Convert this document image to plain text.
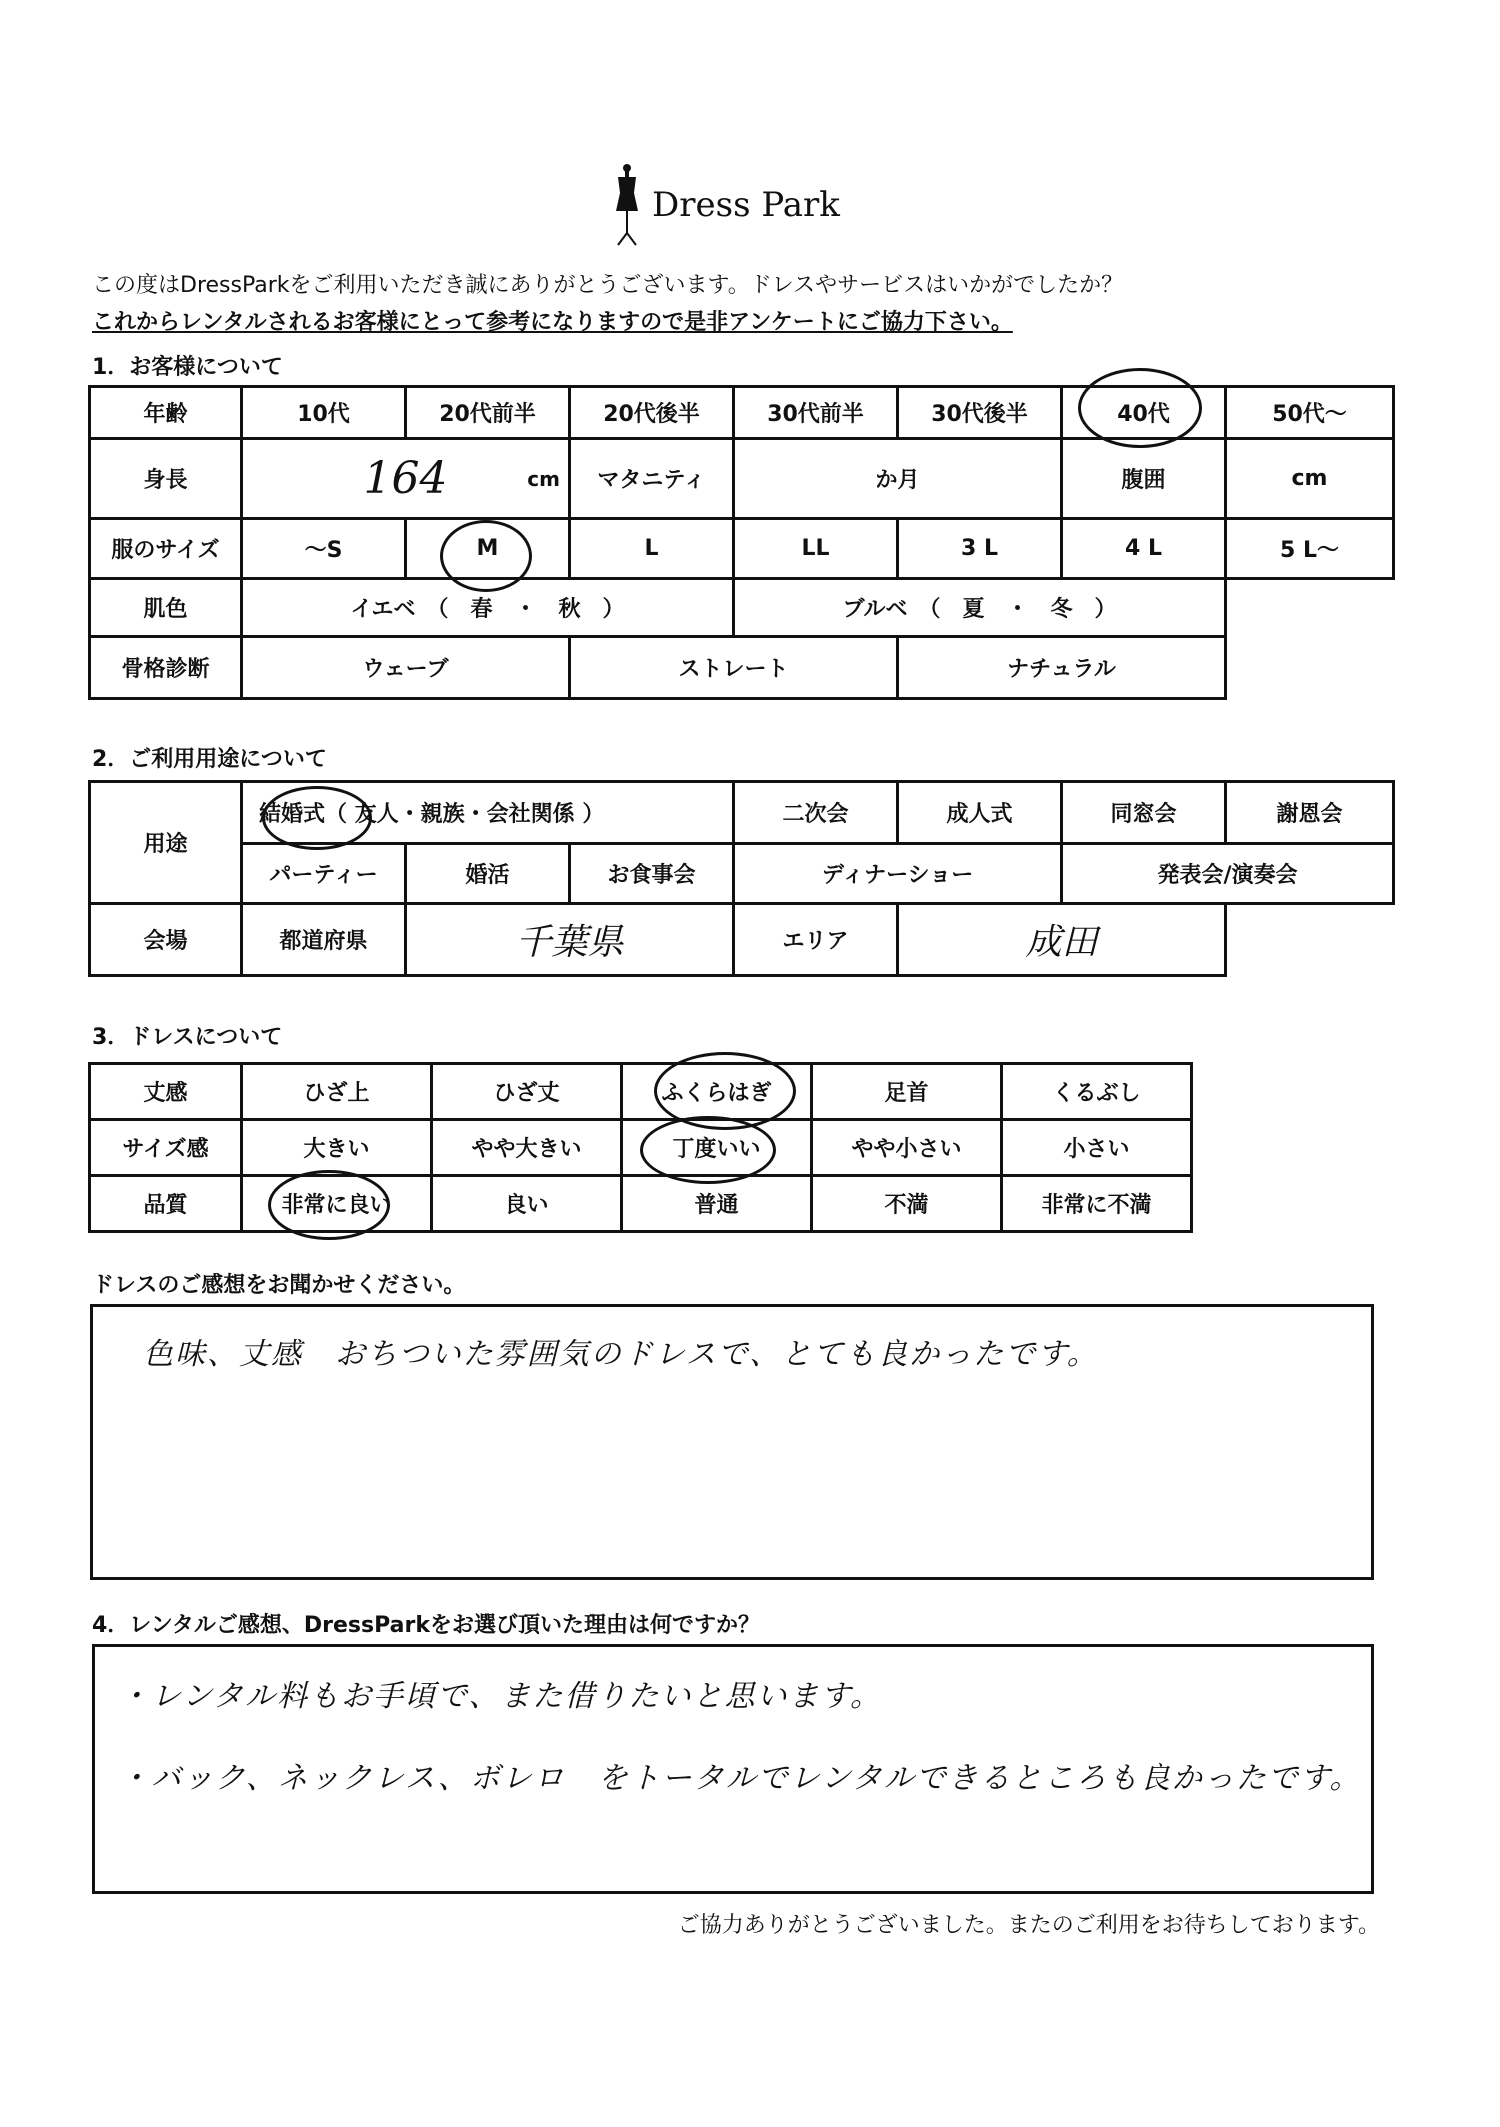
Dress Park
この度はDressParkをご利用いただき誠にありがとうございます。ドレスやサービスはいかがでしたか？
これからレンタルされるお客様にとって参考になりますので是非アンケートにご協力下さい。
1．お客様について
年齢	10代	20代前半	20代後半	30代前半	30代後半	40代	50代～
身長	164 cm		マタニティ	か月		腹囲	cm
服のサイズ	～S	M	L	LL	3 L	4 L	5 L～
肌色	イエベ　（　春　・　秋　）			ブルベ　（　夏　・　冬　）			
骨格診断	ウェーブ		ストレート		ナチュラル		
2．ご利用用途について
用途	結婚式（ 友人・親族・会社関係 ）			二次会	成人式	同窓会	謝恩会
	パーティー	婚活	お食事会	ディナーショー		発表会/演奏会	
会場	都道府県	千葉県		エリア	成田		
3．ドレスについて
丈感	ひざ上	ひざ丈	ふくらはぎ	足首	くるぶし
サイズ感	大きい	やや大きい	丁度いい	やや小さい	小さい
品質	非常に良い	良い	普通	不満	非常に不満
ドレスのご感想をお聞かせください。
色味、丈感　おちついた雰囲気のドレスで、とても良かったです。
4．レンタルご感想、DressParkをお選び頂いた理由は何ですか？
・レンタル料もお手頃で、また借りたいと思います。
・バック、ネックレス、ボレロ　をトータルでレンタルできるところも良かったです。
ご協力ありがとうございました。またのご利用をお待ちしております。
